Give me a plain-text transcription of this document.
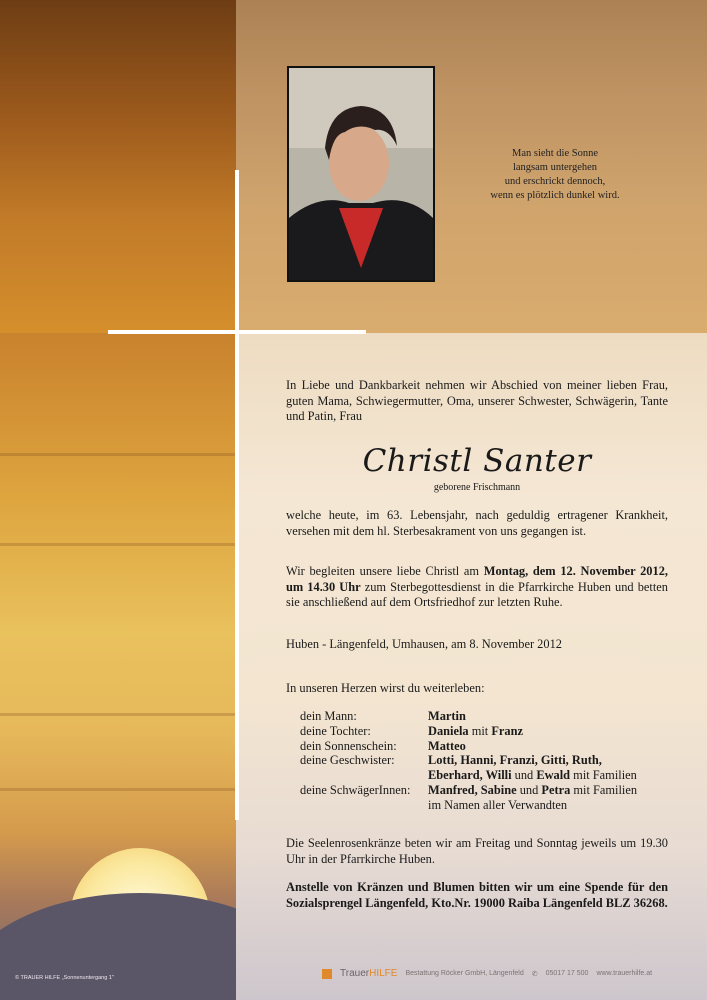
Man sieht die Sonne
langsam untergehen
und erschrickt dennoch,
wenn es plötzlich dunkel wird.
In Liebe und Dankbarkeit nehmen wir Abschied von meiner lieben Frau, guten Mama, Schwiegermutter, Oma, unserer Schwester, Schwägerin, Tante und Patin, Frau
Christl Santer
geborene Frischmann
welche heute, im 63. Lebensjahr, nach geduldig ertragener Krankheit, versehen mit dem hl. Sterbesakrament von uns gegangen ist.
Wir begleiten unsere liebe Christl am Montag, dem 12. November 2012, um 14.30 Uhr zum Sterbegottesdienst in die Pfarrkirche Huben und betten sie anschließend auf dem Ortsfriedhof zur letzten Ruhe.
Huben - Längenfeld, Umhausen, am 8. November 2012
In unseren Herzen wirst du weiterleben:
dein Mann:	Martin
deine Tochter:	Daniela mit Franz
dein Sonnenschein:	Matteo
deine Geschwister:	Lotti, Hanni, Franzi, Gitti, Ruth,
Eberhard, Willi und Ewald mit Familien
deine SchwägerInnen:	Manfred, Sabine und Petra mit Familien
im Namen aller Verwandten
Die Seelenrosenkränze beten wir am Freitag und Sonntag jeweils um 19.30 Uhr in der Pfarrkirche Huben.
Anstelle von Kränzen und Blumen bitten wir um eine Spende für den Sozialsprengel Längenfeld, Kto.Nr. 19000 Raiba Längenfeld BLZ 36268.
© TRAUER HILFE „Sonnenuntergang 1"	TrauerHILFE Bestattung Röcker GmbH, Längenfeld ✆ 05017 17 500 www.trauerhilfe.at
